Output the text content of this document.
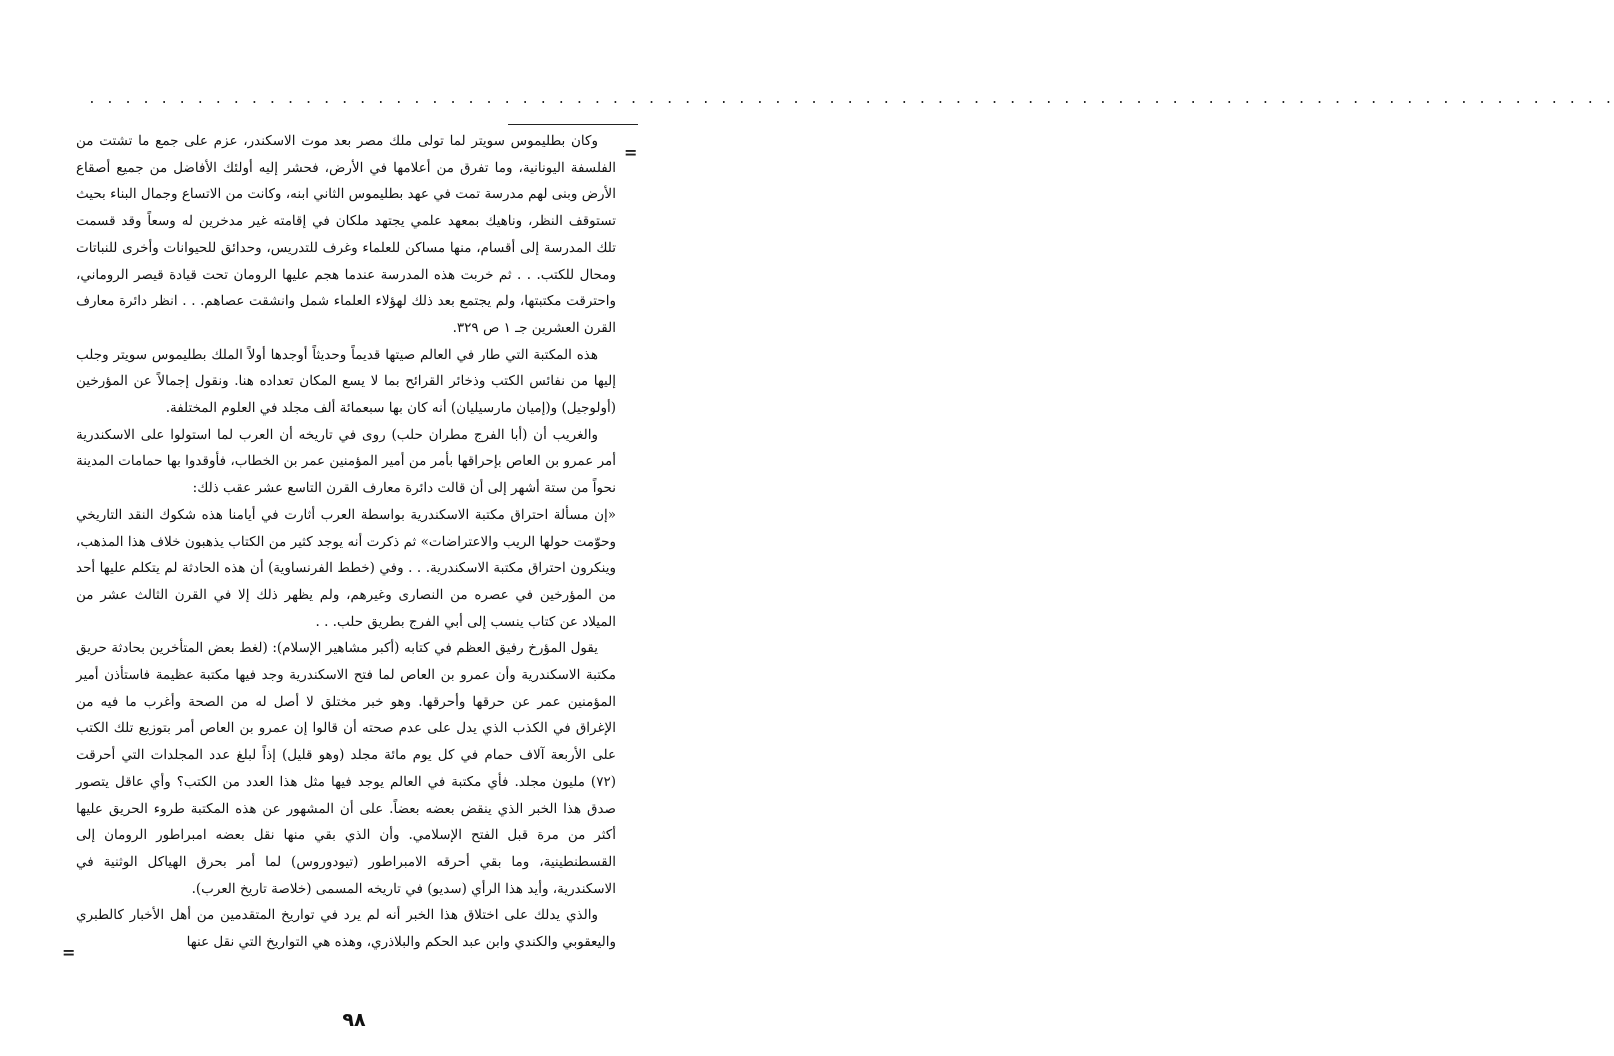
. . . . . . . . . . . . . . . . . . . . . . . . . . . . . . . . . . . . . . . . . . . . . . . . . . . . . . . . . . . . . . . . . . . . . . . . . . . . . . . . . . . . .
=

وكان بطليموس سويتر لما تولى ملك مصر بعد موت الاسكندر، عزم على جمع ما تشتت من الفلسفة اليونانية، وما تفرق من أعلامها في الأرض، فحشر إليه أولئك الأفاضل من جميع أصقاع الأرض وبنى لهم مدرسة تمت في عهد بطليموس الثاني ابنه، وكانت من الاتساع وجمال البناء بحيث تستوقف النظر، وناهيك بمعهد علمي يجتهد ملكان في إقامته غير مدخرين له وسعاً وقد قسمت تلك المدرسة إلى أقسام، منها مساكن للعلماء وغرف للتدريس، وحدائق للحيوانات وأخرى للنباتات ومحال للكتب. . . ثم خربت هذه المدرسة عندما هجم عليها الرومان تحت قيادة قيصر الروماني، واحترقت مكتبتها، ولم يجتمع بعد ذلك لهؤلاء العلماء شمل وانشقت عصاهم. . . انظر دائرة معارف القرن العشرين جـ ١ ص ٣٢٩.

هذه المكتبة التي طار في العالم صيتها قديماً وحديثاً أوجدها أولاً الملك بطليموس سويتر وجلب إليها من نفائس الكتب وذخائر القرائح بما لا يسع المكان تعداده هنا. ونقول إجمالاً عن المؤرخين (أولوجيل) و(إميان مارسيليان) أنه كان بها سبعمائة ألف مجلد في العلوم المختلفة.

والغريب أن (أبا الفرج مطران حلب) روى في تاريخه أن العرب لما استولوا على الاسكندرية أمر عمرو بن العاص بإحراقها بأمر من أمير المؤمنين عمر بن الخطاب، فأوقدوا بها حمامات المدينة نحواً من ستة أشهر إلى أن قالت دائرة معارف القرن التاسع عشر عقب ذلك:

«إن مسألة احتراق مكتبة الاسكندرية بواسطة العرب أثارت في أيامنا هذه شكوك النقد التاريخي وحوّمت حولها الريب والاعتراضات» ثم ذكرت أنه يوجد كثير من الكتاب يذهبون خلاف هذا المذهب، وينكرون احتراق مكتبة الاسكندرية. . . وفي (خطط الفرنساوية) أن هذه الحادثة لم يتكلم عليها أحد من المؤرخين في عصره من النصارى وغيرهم، ولم يظهر ذلك إلا في القرن الثالث عشر من الميلاد عن كتاب ينسب إلى أبي الفرج بطريق حلب. . .

يقول المؤرخ رفيق العظم في كتابه (أكبر مشاهير الإسلام): (لغط بعض المتأخرين بحادثة حريق مكتبة الاسكندرية وأن عمرو بن العاص لما فتح الاسكندرية وجد فيها مكتبة عظيمة فاستأذن أمير المؤمنين عمر عن حرقها وأحرقها. وهو خبر مختلق لا أصل له من الصحة وأغرب ما فيه من الإغراق في الكذب الذي يدل على عدم صحته أن قالوا إن عمرو بن العاص أمر بتوزيع تلك الكتب على الأربعة آلاف حمام في كل يوم مائة مجلد (وهو قليل) إذاً لبلغ عدد المجلدات التي أحرقت (٧٢) مليون مجلد. فأي مكتبة في العالم يوجد فيها مثل هذا العدد من الكتب؟ وأي عاقل يتصور صدق هذا الخبر الذي ينقض بعضه بعضاً. على أن المشهور عن هذه المكتبة طروء الحريق عليها أكثر من مرة قبل الفتح الإسلامي. وأن الذي بقي منها نقل بعضه امبراطور الرومان إلى القسطنطينية، وما بقي أحرقه الامبراطور (تيودوروس) لما أمر بحرق الهياكل الوثنية في الاسكندرية، وأيد هذا الرأي (سديو) في تاريخه المسمى (خلاصة تاريخ العرب).

والذي يدلك على اختلاق هذا الخبر أنه لم يرد في تواريخ المتقدمين من أهل الأخبار كالطبري واليعقوبي والكندي وابن عبد الحكم والبلاذري، وهذه هي التواريخ التي نقل عنها

=
٩٨
